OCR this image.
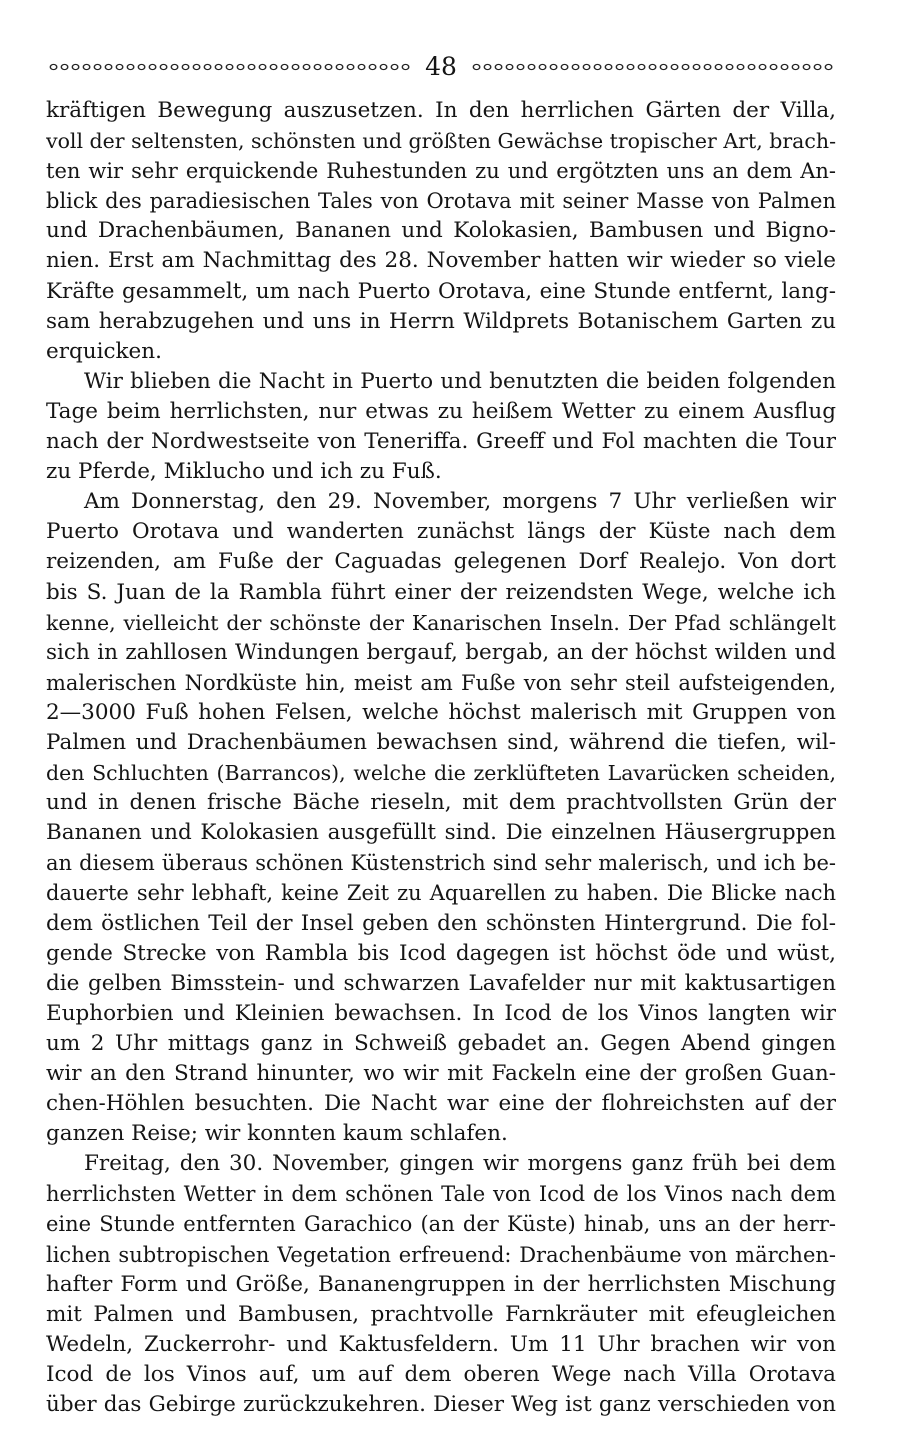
48
kräftigen Bewegung auszusetzen. In den herrlichen Gärten der Villa,
voll der seltensten, schönsten und größten Gewächse tropischer Art, brach-
ten wir sehr erquickende Ruhestunden zu und ergötzten uns an dem An-
blick des paradiesischen Tales von Orotava mit seiner Masse von Palmen
und Drachenbäumen, Bananen und Kolokasien, Bambusen und Bigno-
nien. Erst am Nachmittag des 28. November hatten wir wieder so viele
Kräfte gesammelt, um nach Puerto Orotava, eine Stunde entfernt, lang-
sam herabzugehen und uns in Herrn Wildprets Botanischem Garten zu
erquicken.
Wir blieben die Nacht in Puerto und benutzten die beiden folgenden
Tage beim herrlichsten, nur etwas zu heißem Wetter zu einem Ausflug
nach der Nordwestseite von Teneriffa. Greeff und Fol machten die Tour
zu Pferde, Miklucho und ich zu Fuß.
Am Donnerstag, den 29. November, morgens 7 Uhr verließen wir
Puerto Orotava und wanderten zunächst längs der Küste nach dem
reizenden, am Fuße der Caguadas gelegenen Dorf Realejo. Von dort
bis S. Juan de la Rambla führt einer der reizendsten Wege, welche ich
kenne, vielleicht der schönste der Kanarischen Inseln. Der Pfad schlängelt
sich in zahllosen Windungen bergauf, bergab, an der höchst wilden und
malerischen Nordküste hin, meist am Fuße von sehr steil aufsteigenden,
2—3000 Fuß hohen Felsen, welche höchst malerisch mit Gruppen von
Palmen und Drachenbäumen bewachsen sind, während die tiefen, wil-
den Schluchten (Barrancos), welche die zerklüfteten Lavarücken scheiden,
und in denen frische Bäche rieseln, mit dem prachtvollsten Grün der
Bananen und Kolokasien ausgefüllt sind. Die einzelnen Häusergruppen
an diesem überaus schönen Küstenstrich sind sehr malerisch, und ich be-
dauerte sehr lebhaft, keine Zeit zu Aquarellen zu haben. Die Blicke nach
dem östlichen Teil der Insel geben den schönsten Hintergrund. Die fol-
gende Strecke von Rambla bis Icod dagegen ist höchst öde und wüst,
die gelben Bimsstein- und schwarzen Lavafelder nur mit kaktusartigen
Euphorbien und Kleinien bewachsen. In Icod de los Vinos langten wir
um 2 Uhr mittags ganz in Schweiß gebadet an. Gegen Abend gingen
wir an den Strand hinunter, wo wir mit Fackeln eine der großen Guan-
chen-Höhlen besuchten. Die Nacht war eine der flohreichsten auf der
ganzen Reise; wir konnten kaum schlafen.
Freitag, den 30. November, gingen wir morgens ganz früh bei dem
herrlichsten Wetter in dem schönen Tale von Icod de los Vinos nach dem
eine Stunde entfernten Garachico (an der Küste) hinab, uns an der herr-
lichen subtropischen Vegetation erfreuend: Drachenbäume von märchen-
hafter Form und Größe, Bananengruppen in der herrlichsten Mischung
mit Palmen und Bambusen, prachtvolle Farnkräuter mit efeugleichen
Wedeln, Zuckerrohr- und Kaktusfeldern. Um 11 Uhr brachen wir von
Icod de los Vinos auf, um auf dem oberen Wege nach Villa Orotava
über das Gebirge zurückzukehren. Dieser Weg ist ganz verschieden von
